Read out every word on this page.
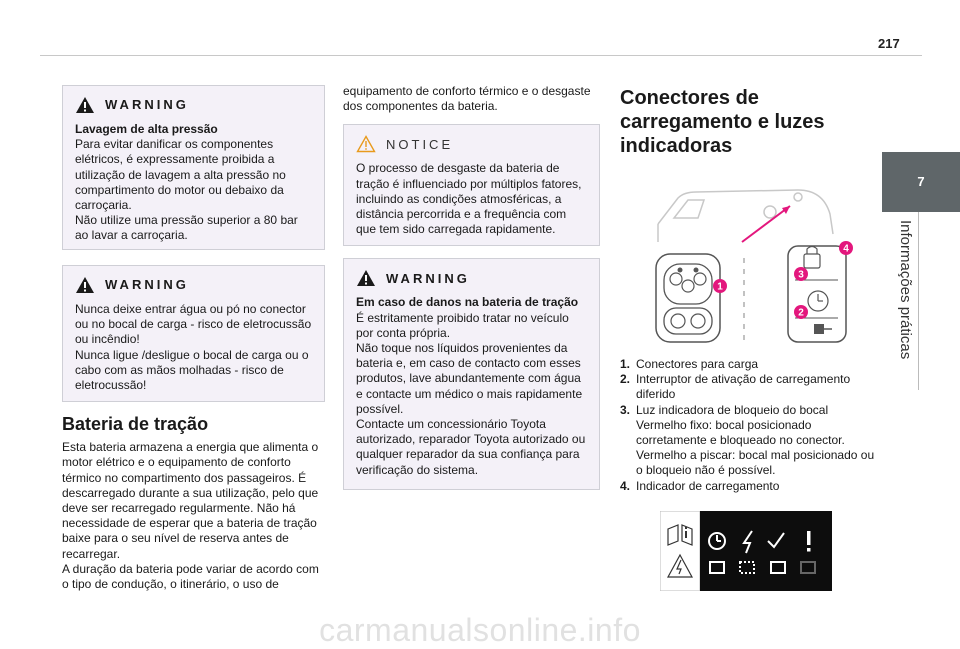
217
7
Informações práticas
WARNING
Lavagem de alta pressão
Para evitar danificar os componentes elétricos, é expressamente proibida a utilização de lavagem a alta pressão no compartimento do motor ou debaixo da carroçaria.
Não utilize uma pressão superior a 80 bar ao lavar a carroçaria.
WARNING
Nunca deixe entrar água ou pó no conector ou no bocal de carga - risco de eletrocussão ou incêndio!
Nunca ligue /desligue o bocal de carga ou o cabo com as mãos molhadas - risco de eletrocussão!
Bateria de tração
Esta bateria armazena a energia que alimenta o motor elétrico e o equipamento de conforto térmico no compartimento dos passageiros. É descarregado durante a sua utilização, pelo que deve ser recarregado regularmente. Não há necessidade de esperar que a bateria de tração baixe para o seu nível de reserva antes de recarregar.
A duração da bateria pode variar de acordo com o tipo de condução, o itinerário, o uso de
equipamento de conforto térmico e o desgaste dos componentes da bateria.
NOTICE
O processo de desgaste da bateria de tração é influenciado por múltiplos fatores, incluindo as condições atmosféricas, a distância percorrida e a frequência com que tem sido carregada rapidamente.
WARNING
Em caso de danos na bateria de tração
É estritamente proibido tratar no veículo por conta própria.
Não toque nos líquidos provenientes da bateria e, em caso de contacto com esses produtos, lave abundantemente com água e contacte um médico o mais rapidamente possível.
Contacte um concessionário Toyota autorizado, reparador Toyota autorizado ou qualquer reparador da sua confiança para verificação do sistema.
Conectores de carregamento e luzes indicadoras
1
2
3
4
1. Conectores para carga
2. Interruptor de ativação de carregamento diferido
3. Luz indicadora de bloqueio do bocal
Vermelho fixo: bocal posicionado corretamente e bloqueado no conector.
Vermelho a piscar: bocal mal posicionado ou o bloqueio não é possível.
4. Indicador de carregamento
carmanualsonline.info
